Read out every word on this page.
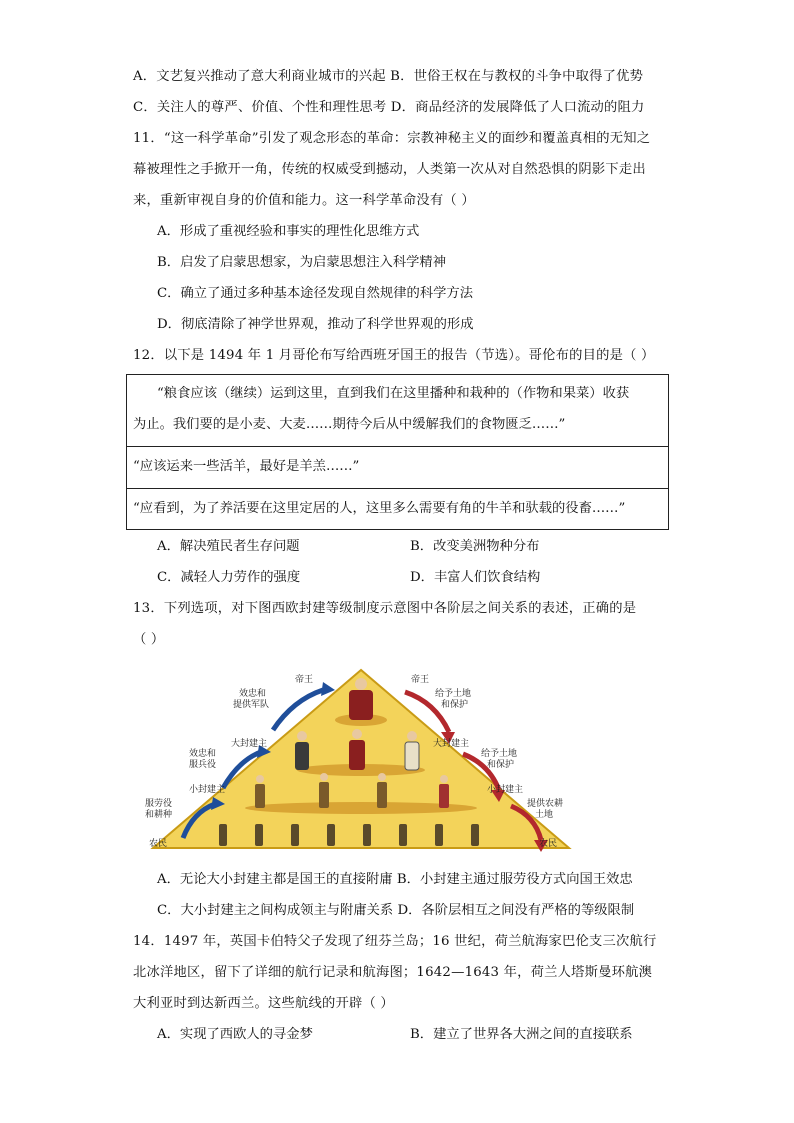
A．文艺复兴推动了意大利商业城市的兴起 B．世俗王权在与教权的斗争中取得了优势
C．关注人的尊严、价值、个性和理性思考 D．商品经济的发展降低了人口流动的阻力
11．“这一科学革命”引发了观念形态的革命：宗教神秘主义的面纱和覆盖真相的无知之
幕被理性之手掀开一角，传统的权威受到撼动，人类第一次从对自然恐惧的阴影下走出
来，重新审视自身的价值和能力。这一科学革命没有（ ）
A．形成了重视经验和事实的理性化思维方式
B．启发了启蒙思想家，为启蒙思想注入科学精神
C．确立了通过多种基本途径发现自然规律的科学方法
D．彻底清除了神学世界观，推动了科学世界观的形成
12．以下是 1494 年 1 月哥伦布写给西班牙国王的报告（节选）。哥伦布的目的是（ ）
“粮食应该（继续）运到这里，直到我们在这里播种和栽种的（作物和果菜）收获
为止。我们要的是小麦、大麦……期待今后从中缓解我们的食物匮乏……”
“应该运来一些活羊，最好是羊羔……”
“应看到，为了养活要在这里定居的人，这里多么需要有角的牛羊和驮载的役畜……”
A．解决殖民者生存问题	B．改变美洲物种分布
C．减轻人力劳作的强度	D．丰富人们饮食结构
13．下列选项，对下图西欧封建等级制度示意图中各阶层之间关系的表述，正确的是
（ ）
帝王	帝王
效忠和
提供军队
大封建主
效忠和
服兵役
小封建主
服劳役
和耕种
农民
给予土地
和保护
大封建主
给予土地
和保护
小封建主
提供农耕
土地
农民
A．无论大小封建主都是国王的直接附庸 B．小封建主通过服劳役方式向国王效忠
C．大小封建主之间构成领主与附庸关系 D．各阶层相互之间没有严格的等级限制
14．1497 年，英国卡伯特父子发现了纽芬兰岛；16 世纪，荷兰航海家巴伦支三次航行
北冰洋地区，留下了详细的航行记录和航海图；1642—1643 年，荷兰人塔斯曼环航澳
大利亚时到达新西兰。这些航线的开辟（ ）
A．实现了西欧人的寻金梦	B．建立了世界各大洲之间的直接联系
